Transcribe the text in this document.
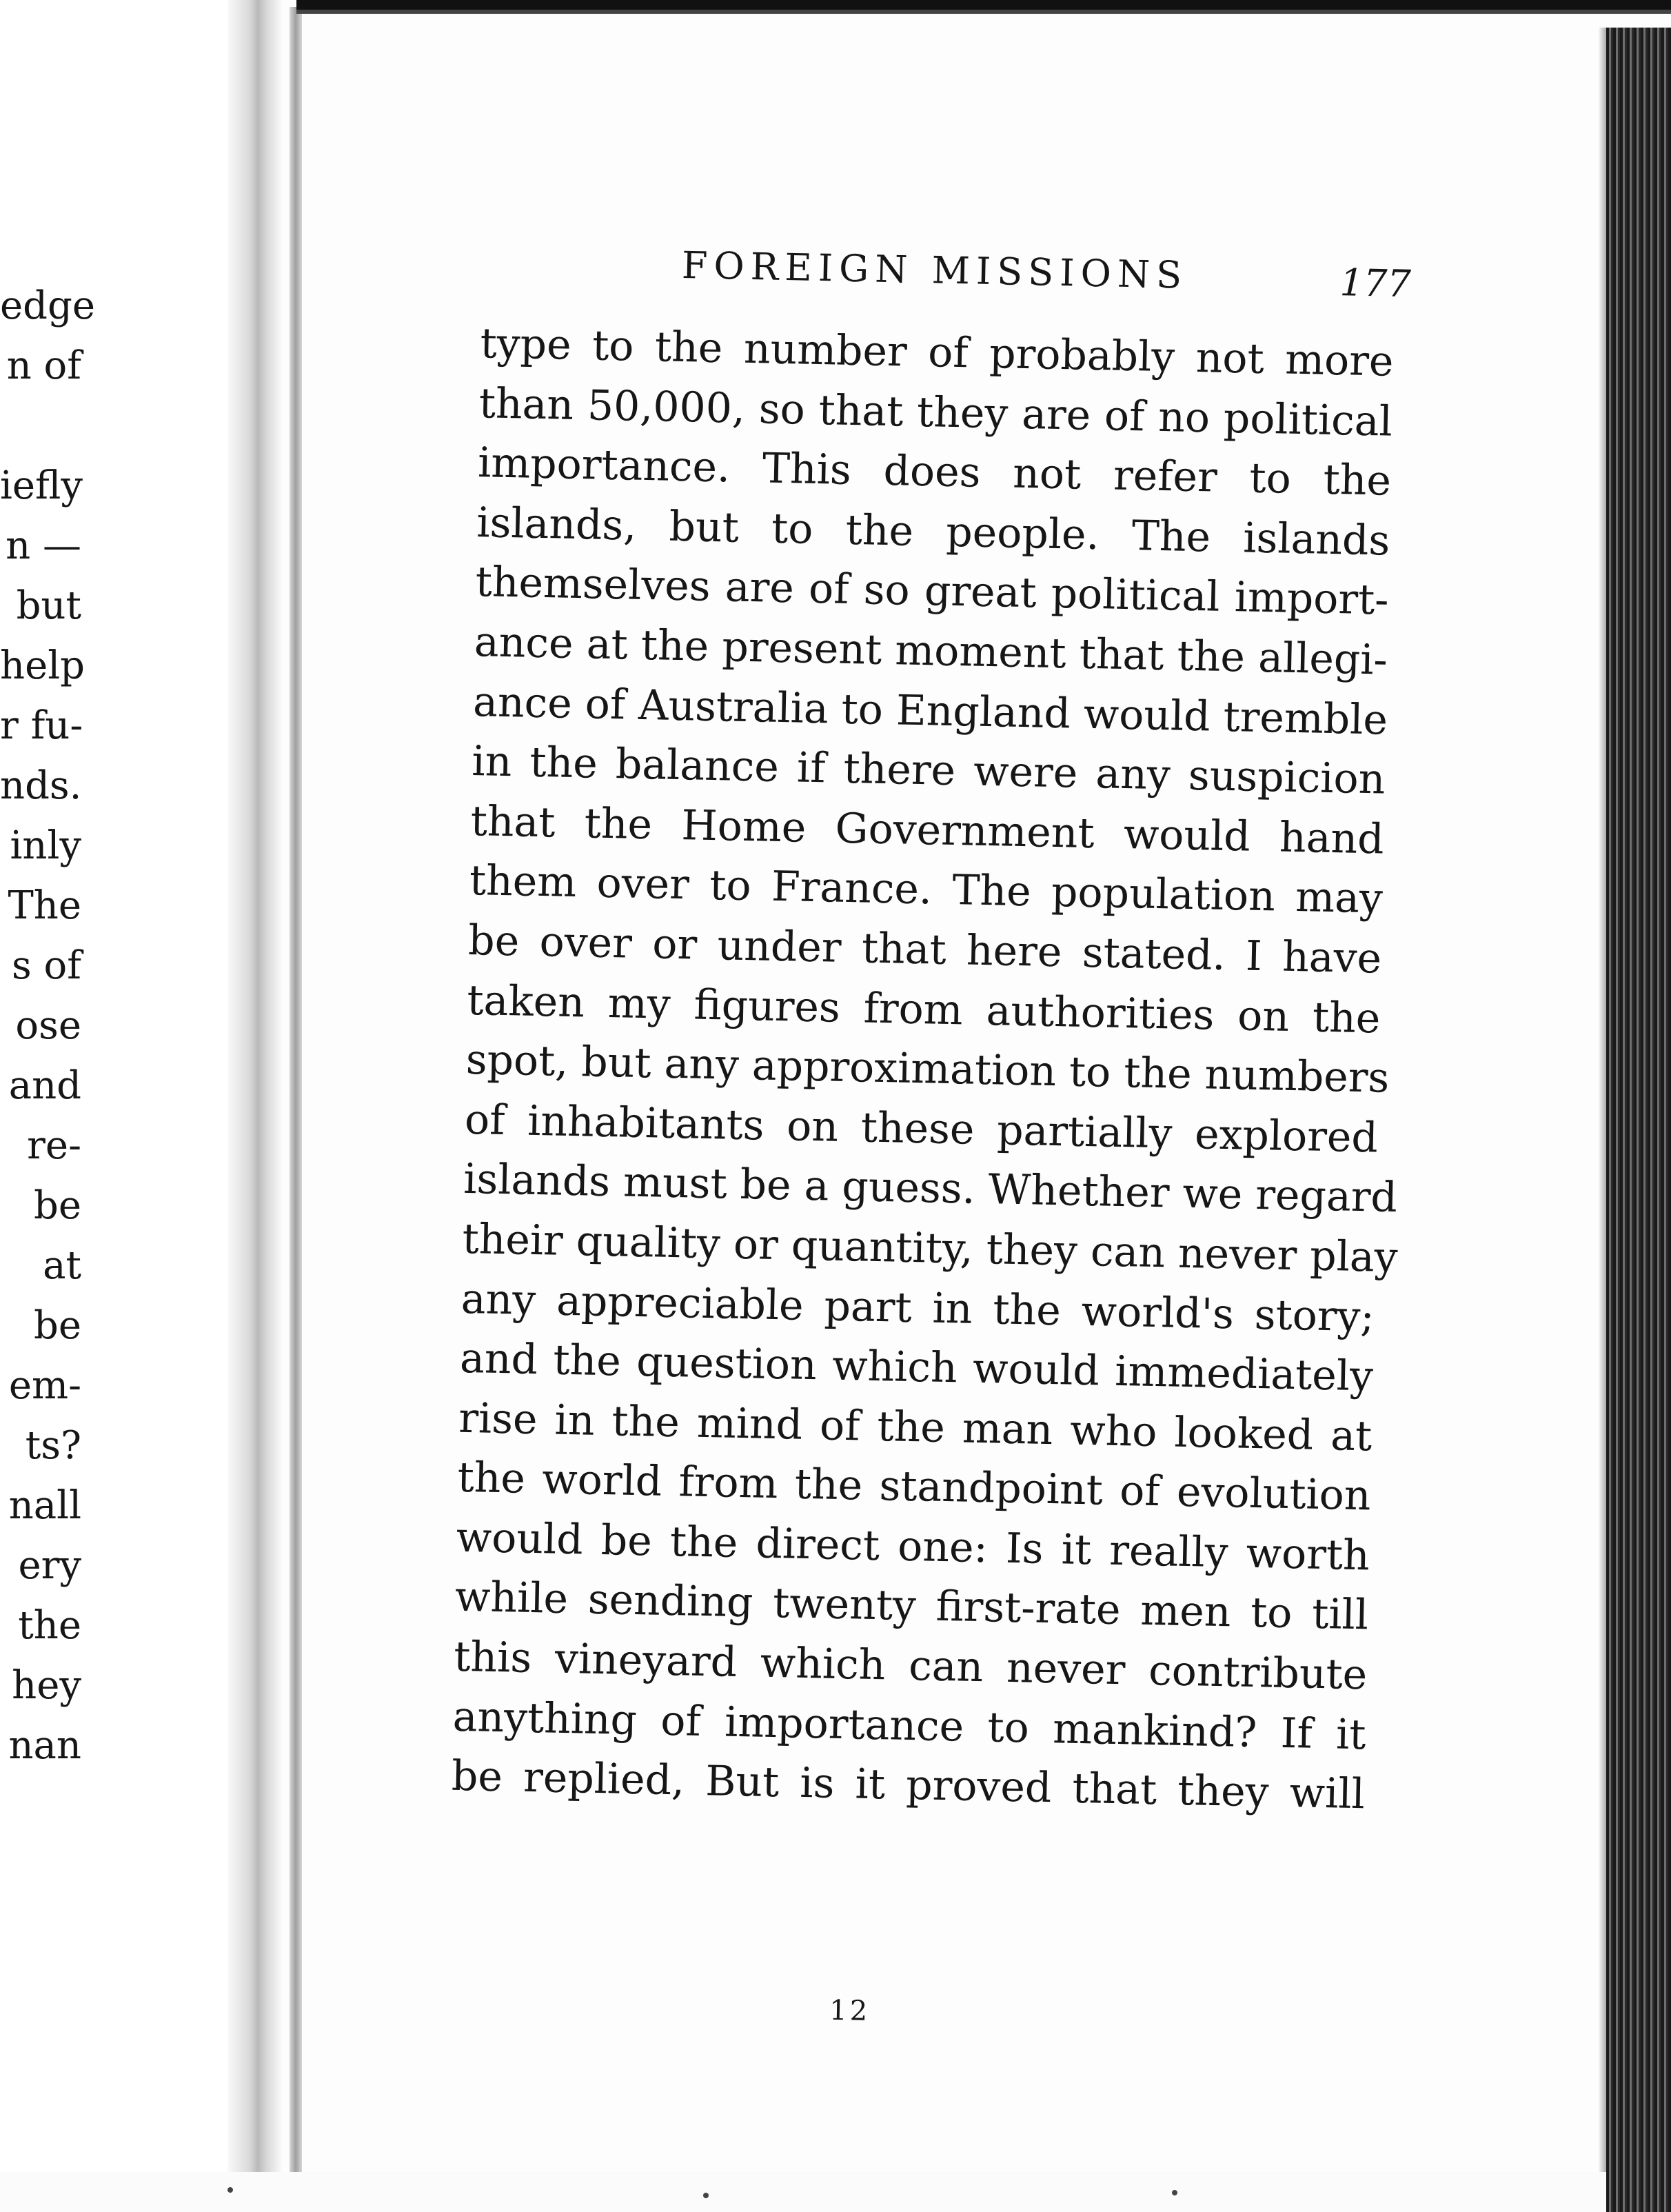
edge
n of
iefly
n —
but
help
r fu-
nds.
inly
The
s of
ose
and
re-
be
at
be
em-
ts?
nall
ery
the
hey
nan
FOREIGN MISSIONS	177
type to the number of probably not more
than 50,000, so that they are of no political
importance. This does not refer to the
islands, but to the people. The islands
themselves are of so great political import-
ance at the present moment that the allegi-
ance of Australia to England would tremble
in the balance if there were any suspicion
that the Home Government would hand
them over to France. The population may
be over or under that here stated. I have
taken my figures from authorities on the
spot, but any approximation to the numbers
of inhabitants on these partially explored
islands must be a guess. Whether we regard
their quality or quantity, they can never play
any appreciable part in the world's story;
and the question which would immediately
rise in the mind of the man who looked at
the world from the standpoint of evolution
would be the direct one: Is it really worth
while sending twenty first-rate men to till
this vineyard which can never contribute
anything of importance to mankind? If it
be replied, But is it proved that they will
12
